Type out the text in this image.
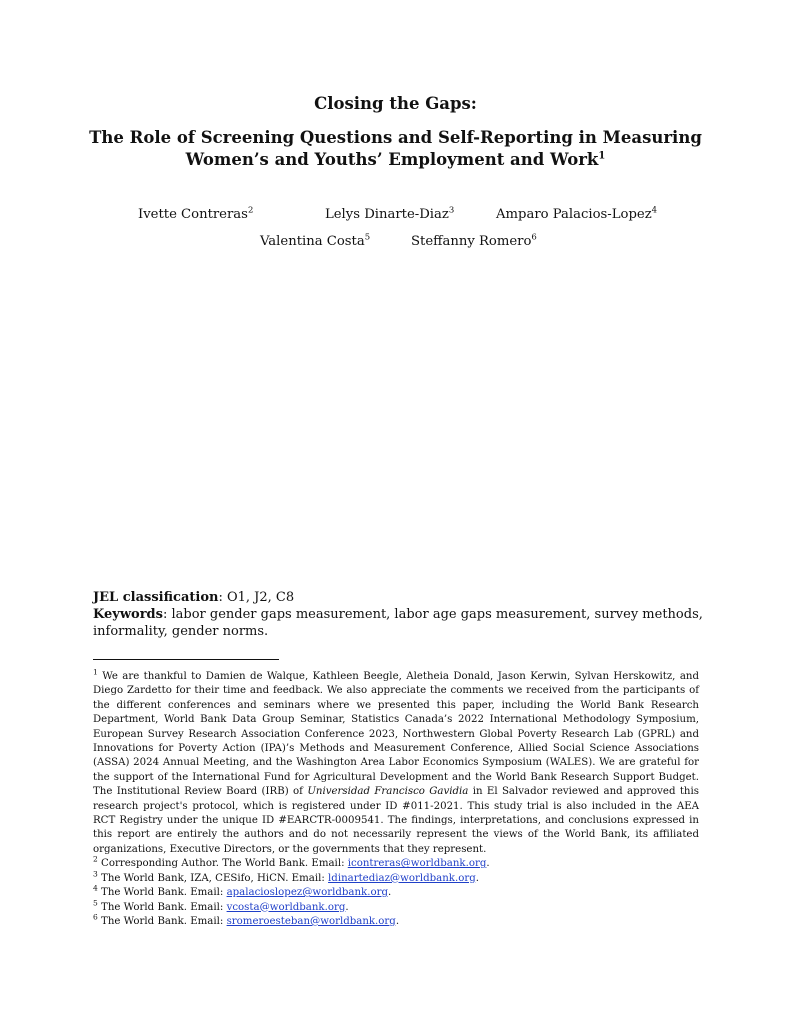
Closing the Gaps:
The Role of Screening Questions and Self-Reporting in Measuring
Women’s and Youths’ Employment and Work$^1$
Ivette Contreras$^2$	Lelys Dinarte-Diaz$^3$	Amparo Palacios-Lopez$^4$
Valentina Costa$^5$	Steffanny Romero$^6$

JEL classification: O1, J2, C8

Keywords: labor gender gaps measurement, labor age gaps measurement, survey methods, informality, gender norms.

$^1$ We are thankful to Damien de Walque, Kathleen Beegle, Aletheia Donald, Jason Kerwin, Sylvan Herskowitz, and Diego Zardetto for their time and feedback. We also appreciate the comments we received from the participants of the different conferences and seminars where we presented this paper, including the World Bank Research Department, World Bank Data Group Seminar, Statistics Canada’s 2022 International Methodology Symposium, European Survey Research Association Conference 2023, Northwestern Global Poverty Research Lab (GPRL) and Innovations for Poverty Action (IPA)’s Methods and Measurement Conference, Allied Social Science Associations (ASSA) 2024 Annual Meeting, and the Washington Area Labor Economics Symposium (WALES). We are grateful for the support of the International Fund for Agricultural Development and the World Bank Research Support Budget. The Institutional Review Board (IRB) of Universidad Francisco Gavidia in El Salvador reviewed and approved this research project's protocol, which is registered under ID #011-2021. This study trial is also included in the AEA RCT Registry under the unique ID #EARCTR-0009541. The findings, interpretations, and conclusions expressed in this report are entirely the authors and do not necessarily represent the views of the World Bank, its affiliated organizations, Executive Directors, or the governments that they represent.

$^2$ Corresponding Author. The World Bank. Email: icontreras@worldbank.org.

$^3$ The World Bank, IZA, CESifo, HiCN. Email: ldinartediaz@worldbank.org.

$^4$ The World Bank. Email: apalacioslopez@worldbank.org.

$^5$ The World Bank. Email: vcosta@worldbank.org.

$^6$ The World Bank. Email: sromeroesteban@worldbank.org.
